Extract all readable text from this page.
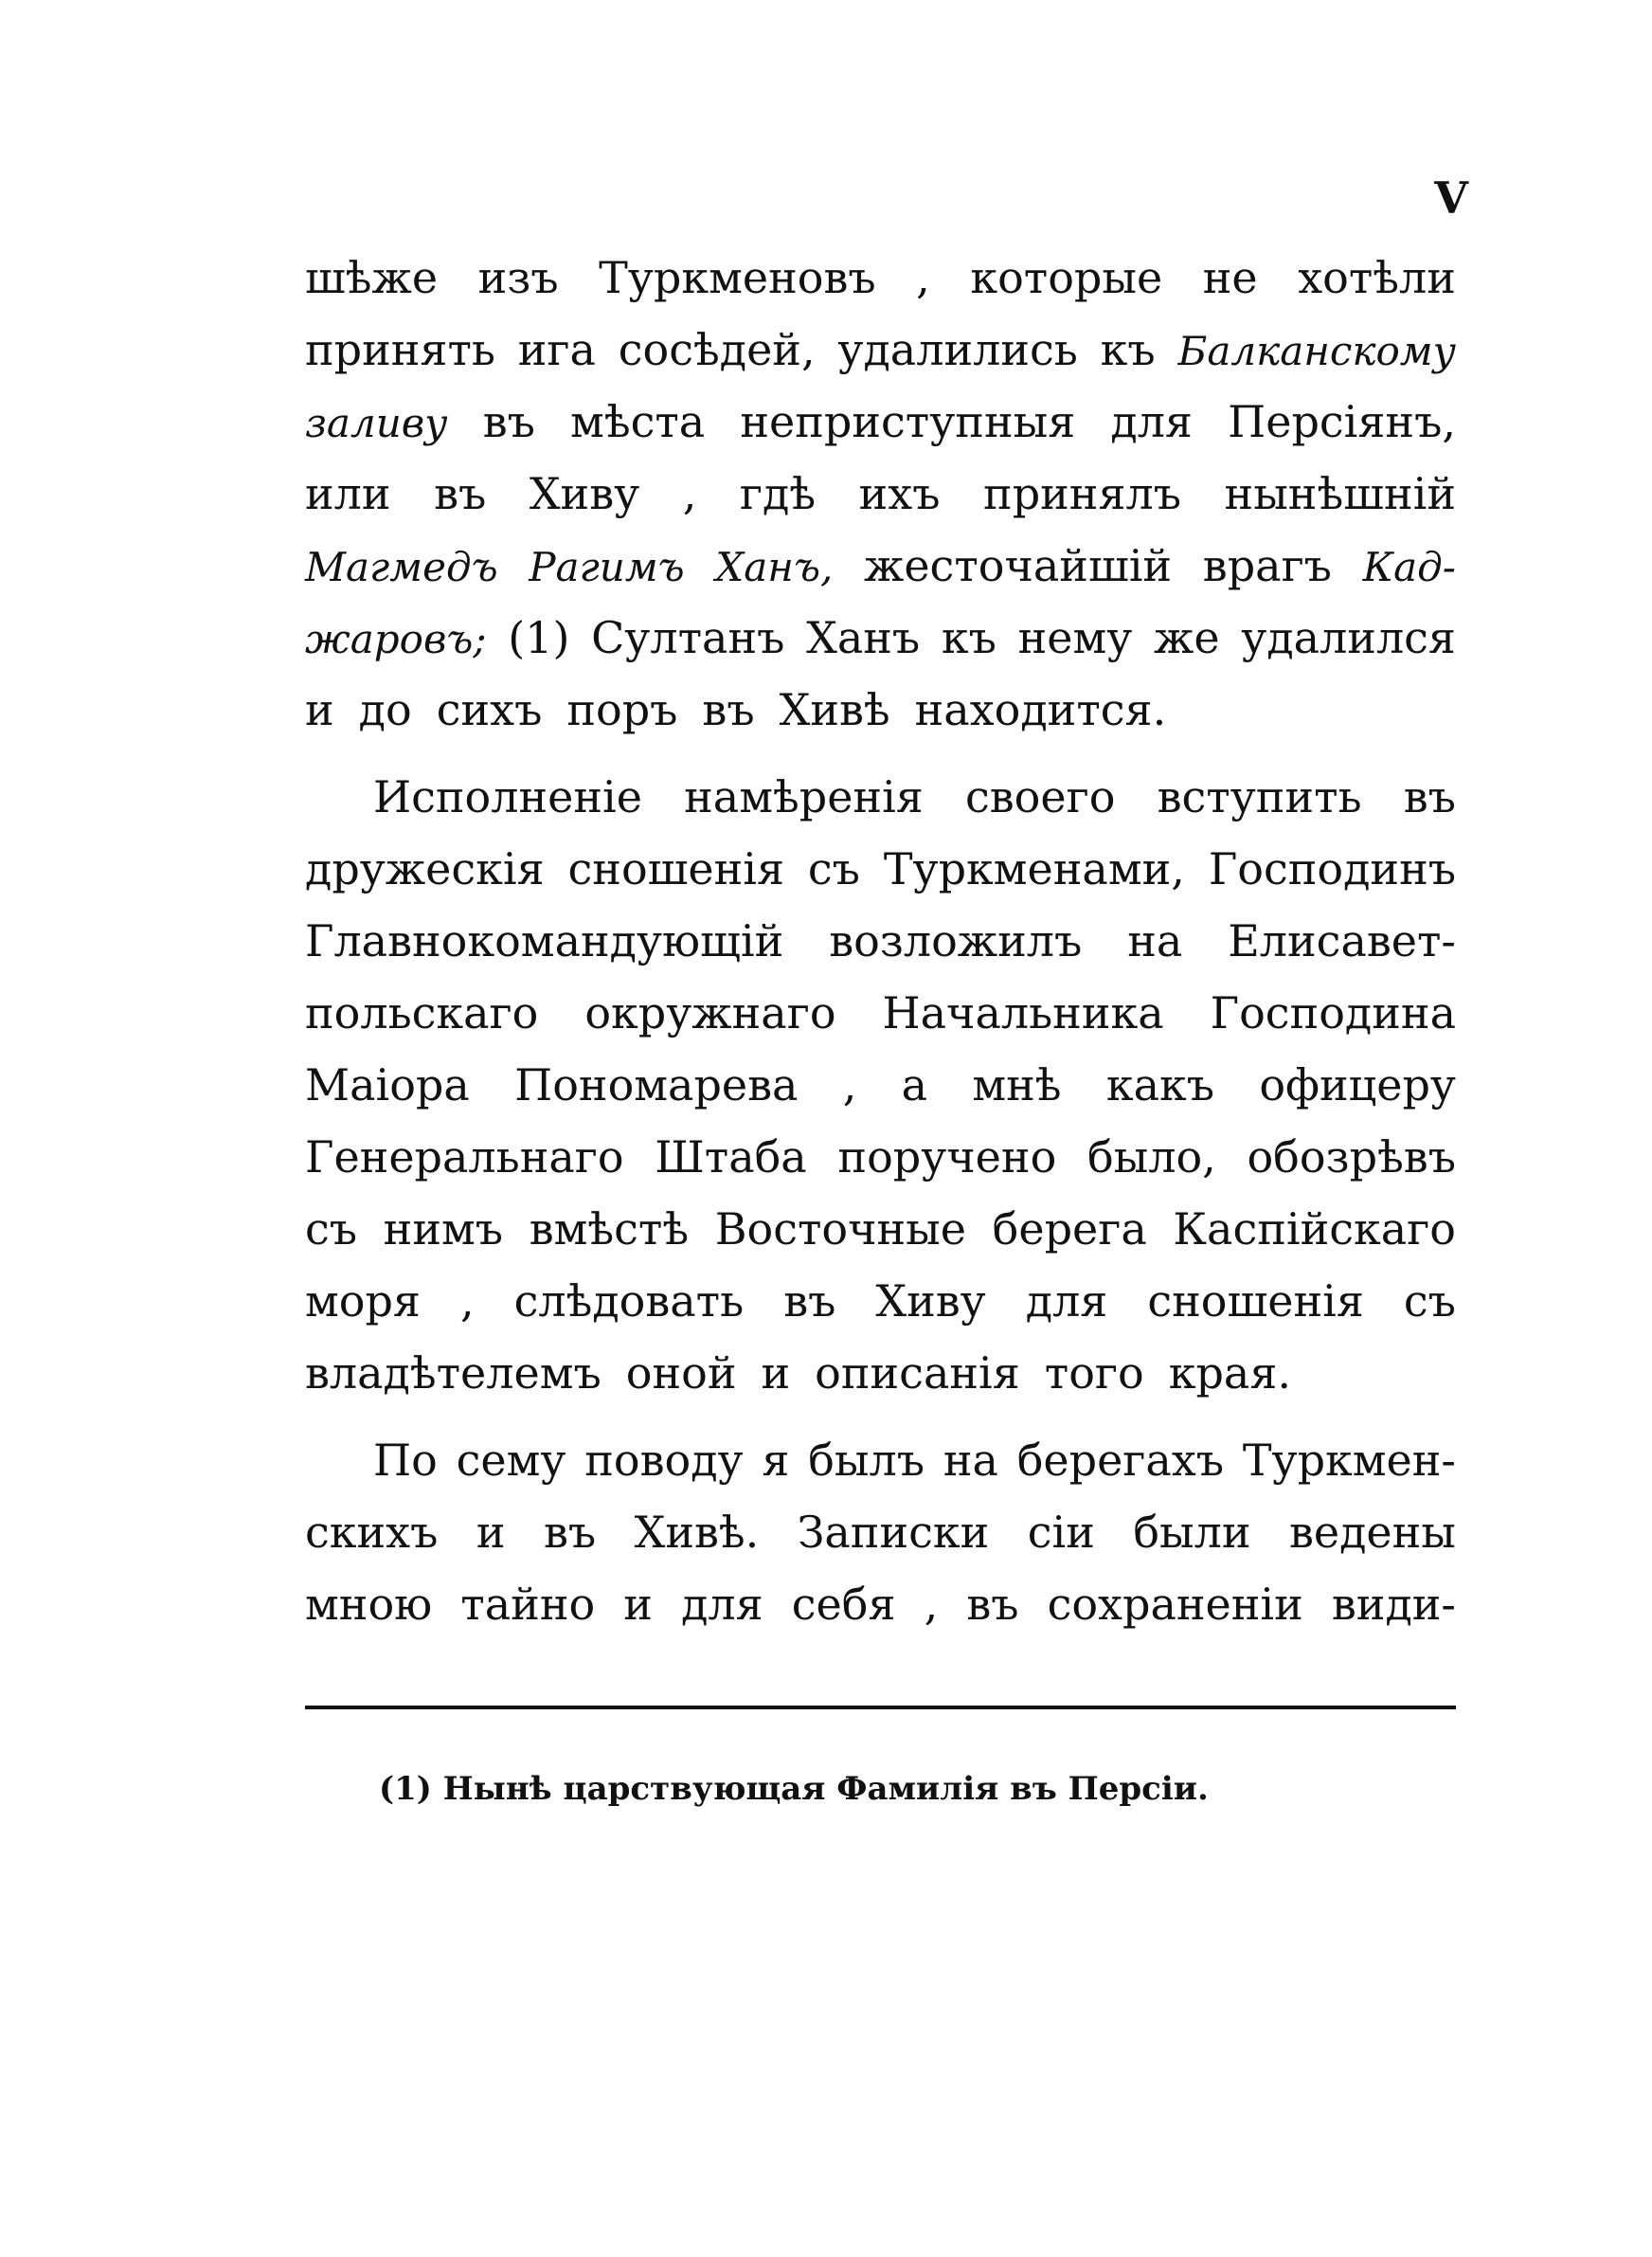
V
шѣже изъ Туркменовъ , которые не хотѣли
принять ига сосѣдей, удалились къ Балканскому
заливу въ мѣста неприступныя для Персіянъ,
или въ Хиву , гдѣ ихъ принялъ нынѣшній
Магмедъ Рагимъ Ханъ, жесточайшій врагъ Кад-
жаровъ; (1) Султанъ Ханъ къ нему же удалился
и до сихъ поръ въ Хивѣ находится.
Исполненіе намѣренія своего вступить въ
дружескія сношенія съ Туркменами, Господинъ
Главнокомандующій возложилъ на Елисавет-
польскаго окружнаго Начальника Господина
Маіора Пономарева , а мнѣ какъ офицеру
Генеральнаго Штаба поручено было, обозрѣвъ
съ нимъ вмѣстѣ Восточные берега Каспійскаго
моря , слѣдовать въ Хиву для сношенія съ
владѣтелемъ оной и описанія того края.
По сему поводу я былъ на берегахъ Туркмен-
скихъ и въ Хивѣ. Записки сіи были ведены
мною тайно и для себя , въ сохраненіи види-
(1) Нынѣ царствующая Фамилія въ Персіи.
